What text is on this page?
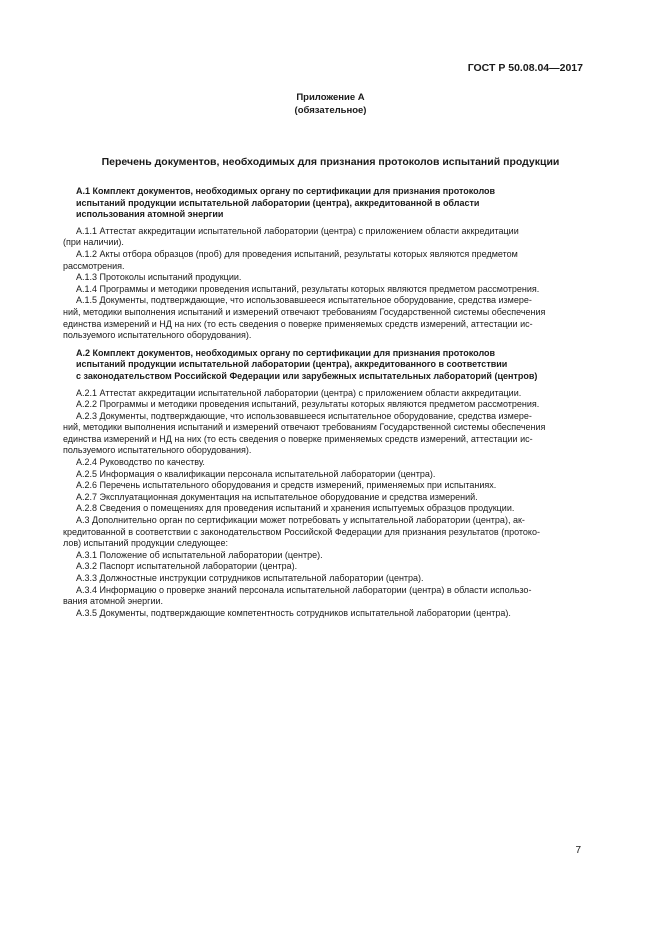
ГОСТ Р 50.08.04—2017
Приложение А
(обязательное)
Перечень документов, необходимых для признания протоколов испытаний продукции
А.1 Комплект документов, необходимых органу по сертификации для признания протоколов
испытаний продукции испытательной лаборатории (центра), аккредитованной в области
использования атомной энергии
А.1.1 Аттестат аккредитации испытательной лаборатории (центра) с приложением области аккредитации
(при наличии).
А.1.2 Акты отбора образцов (проб) для проведения испытаний, результаты которых являются предметом
рассмотрения.
А.1.3 Протоколы испытаний продукции.
А.1.4 Программы и методики проведения испытаний, результаты которых являются предметом рассмотрения.
А.1.5 Документы, подтверждающие, что использовавшееся испытательное оборудование, средства измере-
ний, методики выполнения испытаний и измерений отвечают требованиям Государственной системы обеспечения
единства измерений и НД на них (то есть сведения о поверке применяемых средств измерений, аттестации ис-
пользуемого испытательного оборудования).
А.2 Комплект документов, необходимых органу по сертификации для признания протоколов
испытаний продукции испытательной лаборатории (центра), аккредитованного в соответствии
с законодательством Российской Федерации или зарубежных испытательных лабораторий (центров)
А.2.1 Аттестат аккредитации испытательной лаборатории (центра) с приложением области аккредитации.
А.2.2 Программы и методики проведения испытаний, результаты которых являются предметом рассмотрения.
А.2.3 Документы, подтверждающие, что использовавшееся испытательное оборудование, средства измере-
ний, методики выполнения испытаний и измерений отвечают требованиям Государственной системы обеспечения
единства измерений и НД на них (то есть сведения о поверке применяемых средств измерений, аттестации ис-
пользуемого испытательного оборудования).
А.2.4 Руководство по качеству.
А.2.5 Информация о квалификации персонала испытательной лаборатории (центра).
А.2.6 Перечень испытательного оборудования и средств измерений, применяемых при испытаниях.
А.2.7 Эксплуатационная документация на испытательное оборудование и средства измерений.
А.2.8 Сведения о помещениях для проведения испытаний и хранения испытуемых образцов продукции.
А.3 Дополнительно орган по сертификации может потребовать у испытательной лаборатории (центра), ак-
кредитованной в соответствии с законодательством Российской Федерации для признания результатов (протоко-
лов) испытаний продукции следующее:
А.3.1 Положение об испытательной лаборатории (центре).
А.3.2 Паспорт испытательной лаборатории (центра).
А.3.3 Должностные инструкции сотрудников испытательной лаборатории (центра).
А.3.4 Информацию о проверке знаний персонала испытательной лаборатории (центра) в области использо-
вания атомной энергии.
А.3.5 Документы, подтверждающие компетентность сотрудников испытательной лаборатории (центра).
7
